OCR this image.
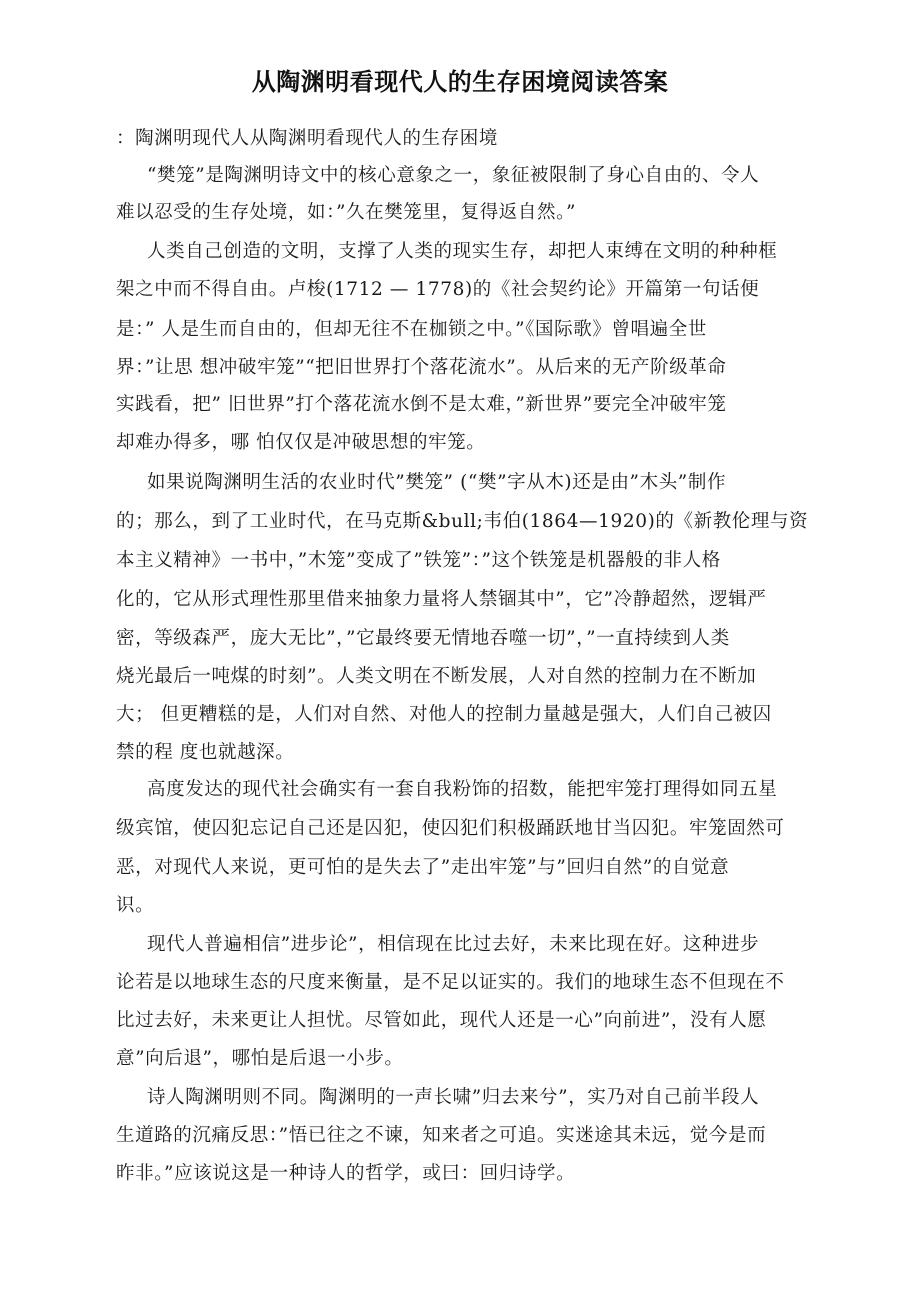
从陶渊明看现代人的生存困境阅读答案

：陶渊明现代人从陶渊明看现代人的生存困境

“樊笼”是陶渊明诗文中的核心意象之一，象征被限制了身心自由的、令人

难以忍受的生存处境，如：”久在樊笼里，复得返自然。”

人类自己创造的文明，支撑了人类的现实生存，却把人束缚在文明的种种框

架之中而不得自由。卢梭(1712 — 1778)的《社会契约论》开篇第一句话便

是：” 人是生而自由的，但却无往不在枷锁之中。”《国际歌》曾唱遍全世

界：”让思 想冲破牢笼”“把旧世界打个落花流水”。从后来的无产阶级革命

实践看，把” 旧世界”打个落花流水倒不是太难，”新世界”要完全冲破牢笼

却难办得多，哪 怕仅仅是冲破思想的牢笼。

如果说陶渊明生活的农业时代”樊笼” (“樊”字从木)还是由”木头”制作

的；那么，到了工业时代，在马克斯&bull;韦伯(1864—1920)的《新教伦理与资

本主义精神》一书中，”木笼”变成了”铁笼”：”这个铁笼是机器般的非人格

化的，它从形式理性那里借来抽象力量将人禁锢其中”，它”冷静超然，逻辑严

密，等级森严，庞大无比”，”它最终要无情地吞噬一切”，”一直持续到人类

烧光最后一吨煤的时刻”。人类文明在不断发展，人对自然的控制力在不断加

大； 但更糟糕的是，人们对自然、对他人的控制力量越是强大，人们自己被囚

禁的程 度也就越深。

高度发达的现代社会确实有一套自我粉饰的招数，能把牢笼打理得如同五星

级宾馆，使囚犯忘记自己还是囚犯，使囚犯们积极踊跃地甘当囚犯。牢笼固然可

恶，对现代人来说，更可怕的是失去了”走出牢笼”与”回归自然”的自觉意

识。

现代人普遍相信”进步论”，相信现在比过去好，未来比现在好。这种进步

论若是以地球生态的尺度来衡量，是不足以证实的。我们的地球生态不但现在不

比过去好，未来更让人担忧。尽管如此，现代人还是一心”向前进”，没有人愿

意”向后退”，哪怕是后退一小步。

诗人陶渊明则不同。陶渊明的一声长啸”归去来兮”，实乃对自己前半段人

生道路的沉痛反思：”悟已往之不谏，知来者之可追。实迷途其未远，觉今是而

昨非。”应该说这是一种诗人的哲学，或曰：回归诗学。
